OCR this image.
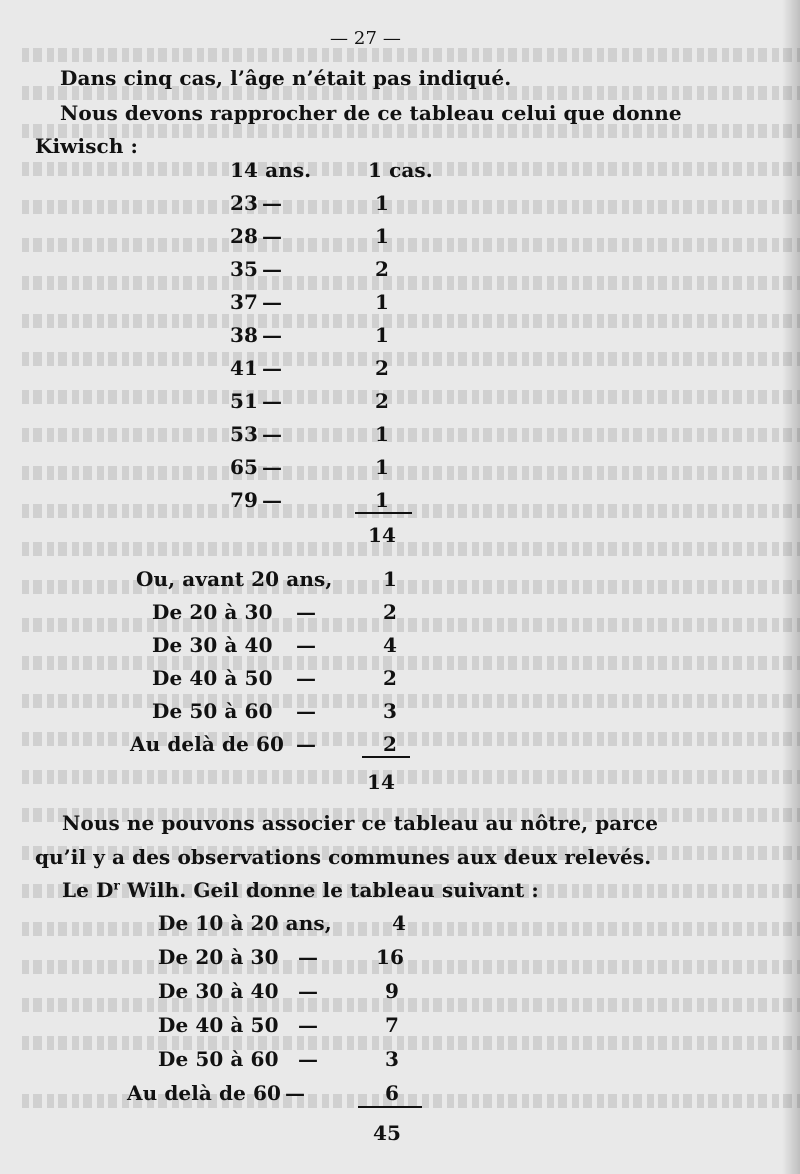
— 27 —
Dans cinq cas, l’âge n’était pas indiqué.
Nous devons rapprocher de ce tableau celui que donne
Kiwisch :
14 ans.	1 cas.
23 —	1
28 —	1
35 —	2
37 —	1
38 —	1
41 —	2
51 —	2
53 —	1
65 —	1
79 —	1
14
Ou, avant 20 ans,	1
De 20 à 30 —	2
De 30 à 40 —	4
De 40 à 50 —	2
De 50 à 60 —	3
Au delà de 60 —	2
14
Nous ne pouvons associer ce tableau au nôtre, parce
qu’il y a des observations communes aux deux relevés.
Le $D^r$ Wilh. Geil donne le tableau suivant :
De 10 à 20 ans,	4
De 20 à 30 —	16
De 30 à 40 —	9
De 40 à 50 —	7
De 50 à 60 —	3
Au delà de 60 —	6
45
